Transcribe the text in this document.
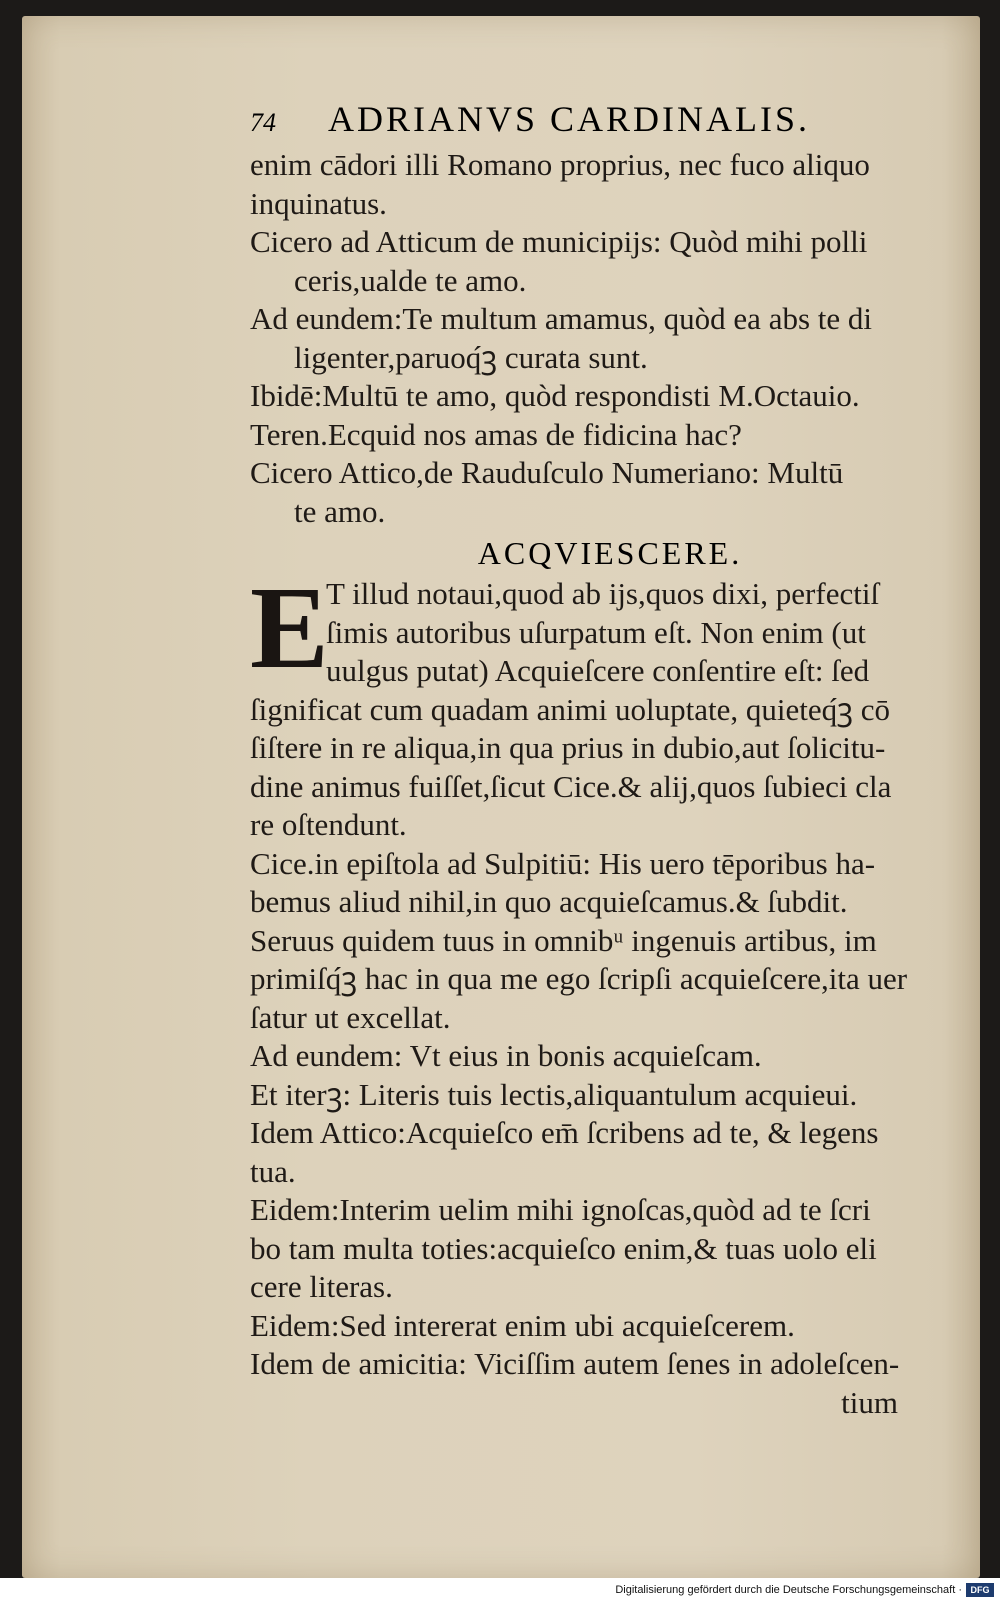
74 ADRIANVS CARDINALIS.
enim cādori illi Romano proprius, nec fuco aliquo
inquinatus.
Cicero ad Atticum de municipijs: Quòd mihi polli
ceris,ualde te amo.
Ad eundem:Te multum amamus, quòd ea abs te di
ligenter,paruoq́ꝫ curata sunt.
Ibidē:Multū te amo, quòd respondisti M.Octauio.
Teren.Ecquid nos amas de fidicina hac?
Cicero Attico,de Rauduſculo Numeriano: Multū
te amo.
ACQVIESCERE.
E
T illud notaui,quod ab ijs,quos dixi, perfectiſ
ſimis autoribus uſurpatum eſt. Non enim (ut
uulgus putat) Acquieſcere conſentire eſt: ſed
ſignificat cum quadam animi uoluptate, quieteq́ꝫ cō
ſiſtere in re aliqua,in qua prius in dubio,aut ſolicitu-
dine animus fuiſſet,ſicut Cice.& alij,quos ſubieci cla
re oſtendunt.
Cice.in epiſtola ad Sulpitiū: His uero tēporibus ha-
bemus aliud nihil,in quo acquieſcamus.& ſubdit.
Seruus quidem tuus in omnibᵘ ingenuis artibus, im
primiſq́ꝫ hac in qua me ego ſcripſi acquieſcere,ita uer
ſatur ut excellat.
Ad eundem: Vt eius in bonis acquieſcam.
Et iterꝫ: Literis tuis lectis,aliquantulum acquieui.
Idem Attico:Acquieſco em̄ ſcribens ad te, & legens
tua.
Eidem:Interim uelim mihi ignoſcas,quòd ad te ſcri
bo tam multa toties:acquieſco enim,& tuas uolo eli
cere literas.
Eidem:Sed intererat enim ubi acquieſcerem.
Idem de amicitia: Viciſſim autem ſenes in adoleſcen-
tium
Digitalisierung gefördert durch die Deutsche Forschungsgemeinschaft · DFG
